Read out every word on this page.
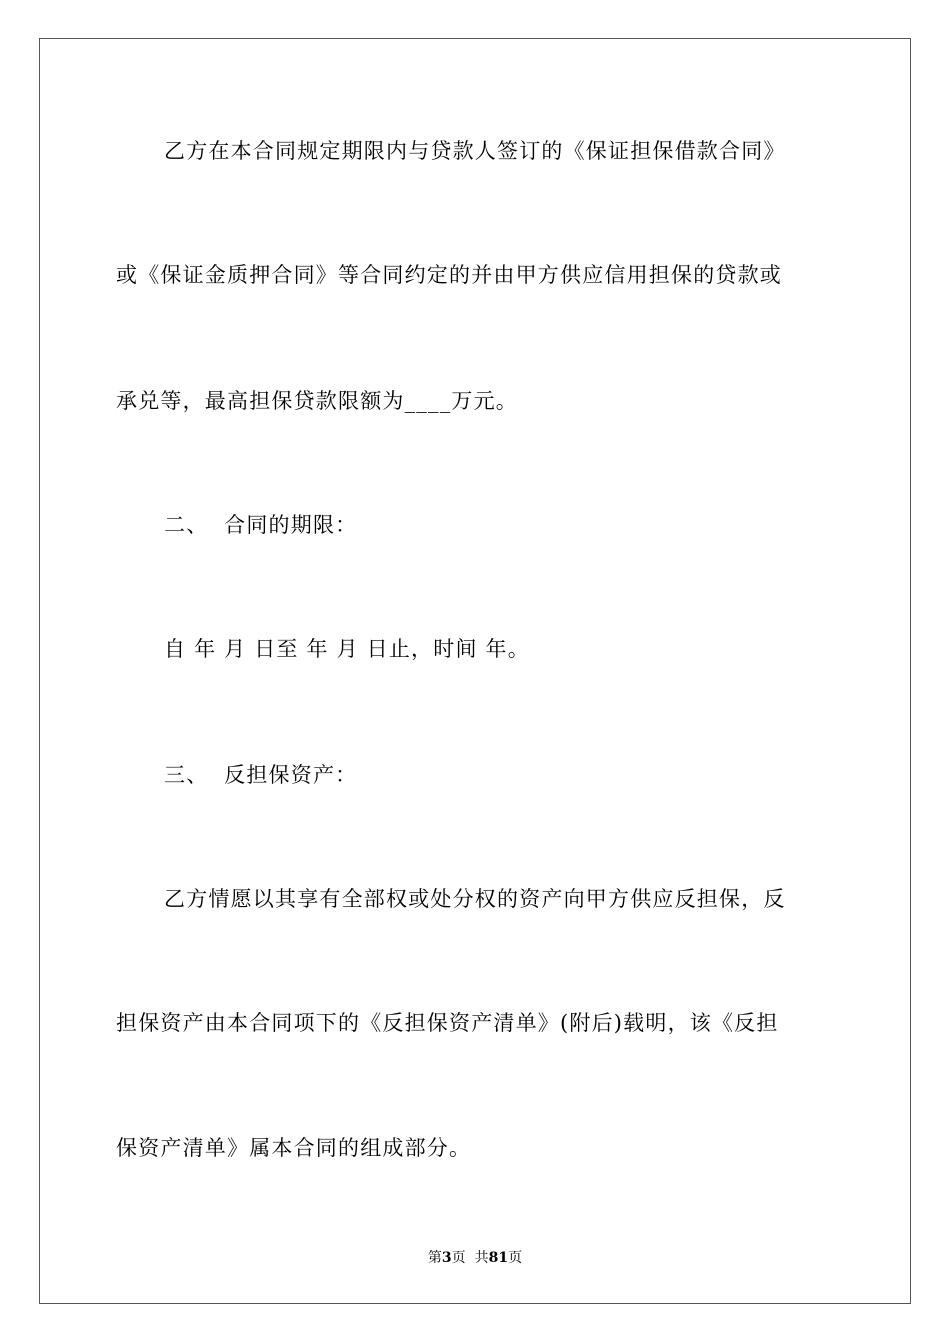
乙方在本合同规定期限内与贷款人签订的《保证担保借款合同》
或《保证金质押合同》等合同约定的并由甲方供应信用担保的贷款或
承兑等，最高担保贷款限额为____万元。
二、  合同的期限：
自 年 月 日至 年 月 日止，时间 年。
三、  反担保资产：
乙方情愿以其享有全部权或处分权的资产向甲方供应反担保，反
担保资产由本合同项下的《反担保资产清单》(附后)载明，该《反担
保资产清单》属本合同的组成部分。
第3页  共81页
